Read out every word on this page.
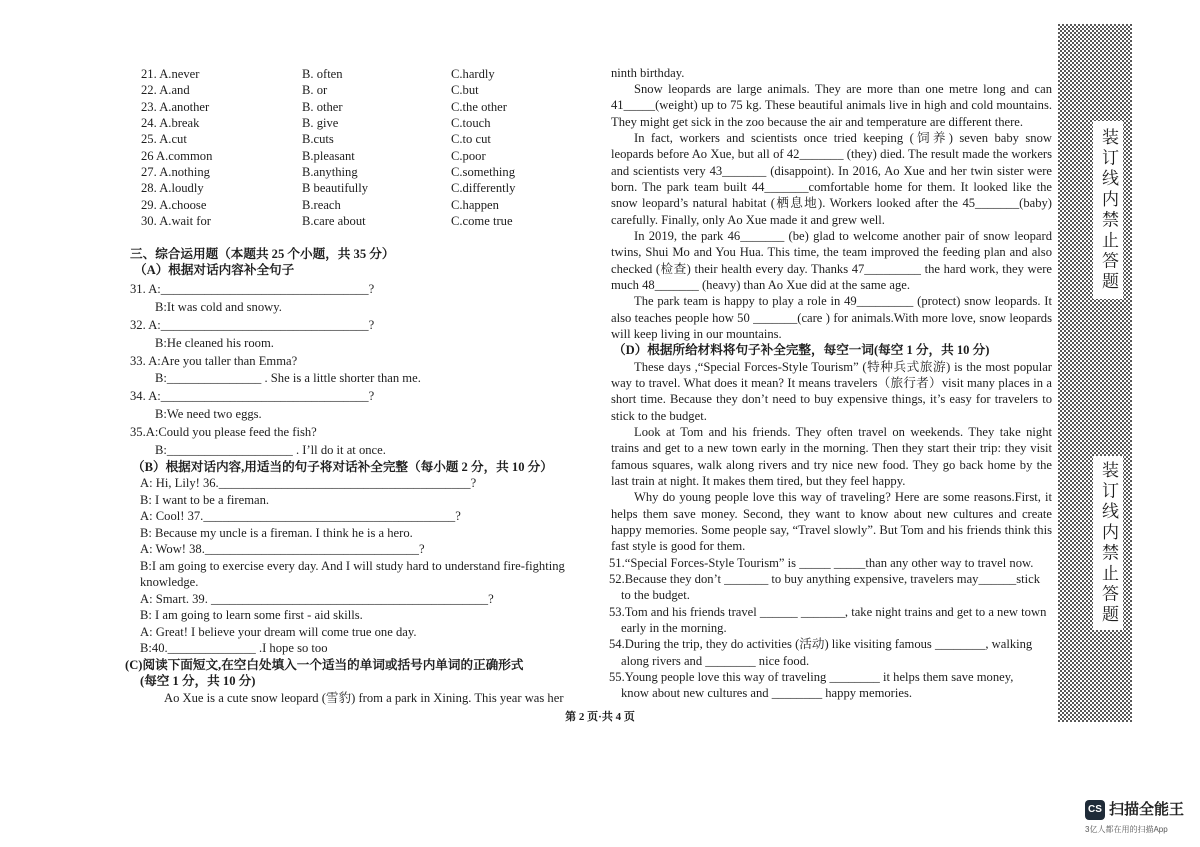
21. A.never	B. often	C.hardly
22. A.and	B. or	C.but
23. A.another	B. other	C.the other
24. A.break	B. give	C.touch
25. A.cut	B.cuts	C.to cut
26 A.common	B.pleasant	C.poor
27. A.nothing	B.anything	C.something
28. A.loudly	B beautifully	C.differently
29. A.choose	B.reach	C.happen
30. A.wait for	B.care about	C.come true
三、综合运用题（本题共 25 个小题，共 35 分）
（A）根据对话内容补全句子
31. A:_________________________________?
B:It was cold and snowy.
32. A:_________________________________?
B:He cleaned his room.
33. A:Are you taller than Emma?
B:_______________ . She is a little shorter than me.
34. A:_________________________________?
B:We need two eggs.
35.A:Could you please feed the fish?
B:____________________ . I’ll do it at once.
（B）根据对话内容,用适当的句子将对话补全完整（每小题 2 分，共 10 分）
A: Hi, Lily! 36.________________________________________?
B: I want to be a fireman.
A: Cool! 37.________________________________________?
B: Because my uncle is a fireman. I think he is a hero.
A: Wow! 38.__________________________________?
B:I am going to exercise every day. And I will study hard to understand fire-fighting
knowledge.
A: Smart. 39. ____________________________________________?
B: I am going to learn some first - aid skills.
A: Great! I believe your dream will come true one day.
B:40.______________ .I hope so too
(C)阅读下面短文,在空白处填入一个适当的单词或括号内单词的正确形式
(每空 1 分，共 10 分)
Ao Xue is a cute snow leopard (雪豹) from a park in Xining. This year was her
ninth birthday.
Snow leopards are large animals. They are more than one metre long and can
41_____(weight) up to 75 kg. These beautiful animals live in high and cold mountains.
They might get sick in the zoo because the air and temperature are different there.
In fact, workers and scientists once tried keeping (饲养) seven baby snow
leopards before Ao Xue, but all of 42_______ (they) died. The result made the workers
and scientists very 43_______ (disappoint). In 2016, Ao Xue and her twin sister were
born. The park team built 44_______comfortable home for them. It looked like the
snow leopard’s natural habitat (栖息地). Workers looked after the 45_______(baby)
carefully. Finally, only Ao Xue made it and grew well.
In 2019, the park 46_______ (be) glad to welcome another pair of snow leopard
twins, Shui Mo and You Hua. This time, the team improved the feeding plan and also
checked (检查) their health every day. Thanks 47_________ the hard work, they were
much 48_______ (heavy) than Ao Xue did at the same age.
The park team is happy to play a role in 49_________ (protect) snow leopards. It
also teaches people how 50 _______(care ) for animals.With more love, snow leopards
will keep living in our mountains.
（D）根据所给材料将句子补全完整，每空一词(每空 1 分，共 10 分)
These days ,“Special Forces-Style Tourism” (特种兵式旅游) is the most popular
way to travel. What does it mean? It means travelers（旅行者）visit many places in a
short time. Because they don’t need to buy expensive things, it’s easy for travelers to
stick to the budget.
Look at Tom and his friends. They often travel on weekends. They take night
trains and get to a new town early in the morning. Then they start their trip: they visit
famous squares, walk along rivers and try nice new food. They go back home by the
last train at night. It makes them tired, but they feel happy.
Why do young people love this way of traveling? Here are some reasons.First, it
helps them save money. Second, they want to know about new cultures and create
happy memories. Some people say, “Travel slowly”. But Tom and his friends think this
fast style is good for them.
51.“Special Forces-Style Tourism” is _____ _____than any other way to travel now.
52.Because they don’t _______ to buy anything expensive, travelers may______stick
to the budget.
53.Tom and his friends travel ______ _______, take night trains and get to a new town
early in the morning.
54.During the trip, they do activities (活动) like visiting famous ________, walking
along rivers and ________ nice food.
55.Young people love this way of traveling ________ it helps them save money,
know about new cultures and ________ happy memories.
装订线内禁止答题
装订线内禁止答题
第 2 页·共 4 页
CS 扫描全能王
3亿人都在用的扫描App
